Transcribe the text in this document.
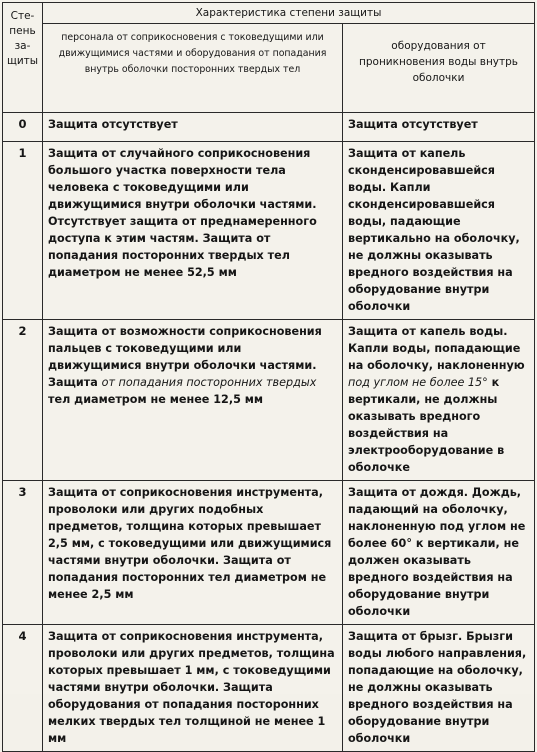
Сте-
пень
за-
щиты	Характеристика степени защиты	
	персонала от соприкосновения с токоведущими или движущимися частями и оборудования от попадания внутрь оболочки посторонних твердых тел	оборудования от проникновения воды внутрь оболочки
0	Защита отсутствует	Защита отсутствует
1	Защита от случайного соприкосновения большого участка поверхности тела человека с токоведущими или движущимися внутри оболочки частями. Отсутствует защита от преднамеренного доступа к этим частям. Защита от попадания посторонних твердых тел диаметром не менее 52,5 мм	Защита от капель сконденсировавшейся воды. Капли сконденсировавшейся воды, падающие вертикально на оболочку, не должны оказывать вредного воздействия на оборудование внутри оболочки
2	Защита от возможности соприкосновения пальцев с токоведущими или движущимися внутри оболочки частями. Защита от попадания посторонних твердых тел диаметром не менее 12,5 мм	Защита от капель воды. Капли воды, попадающие на оболочку, наклоненную под углом не более 15° к вертикали, не должны оказывать вредного воздействия на электрооборудование в оболочке
3	Защита от соприкосновения инструмента, проволоки или других подобных предметов, толщина которых превышает 2,5 мм, с токоведущими или движущимися частями внутри оболочки. Защита от попадания посторонних тел диаметром не менее 2,5 мм	Защита от дождя. Дождь, падающий на оболочку, наклоненную под углом не более 60° к вертикали, не должен оказывать вредного воздействия на оборудование внутри оболочки
4	Защита от соприкосновения инструмента, проволоки или других предметов, толщина которых превышает 1 мм, с токоведущими частями внутри оболочки. Защита оборудования от попадания посторонних мелких твердых тел толщиной не менее 1 мм	Защита от брызг. Брызги воды любого направления, попадающие на оболочку, не должны оказывать вредного воздействия на оборудование внутри оболочки
